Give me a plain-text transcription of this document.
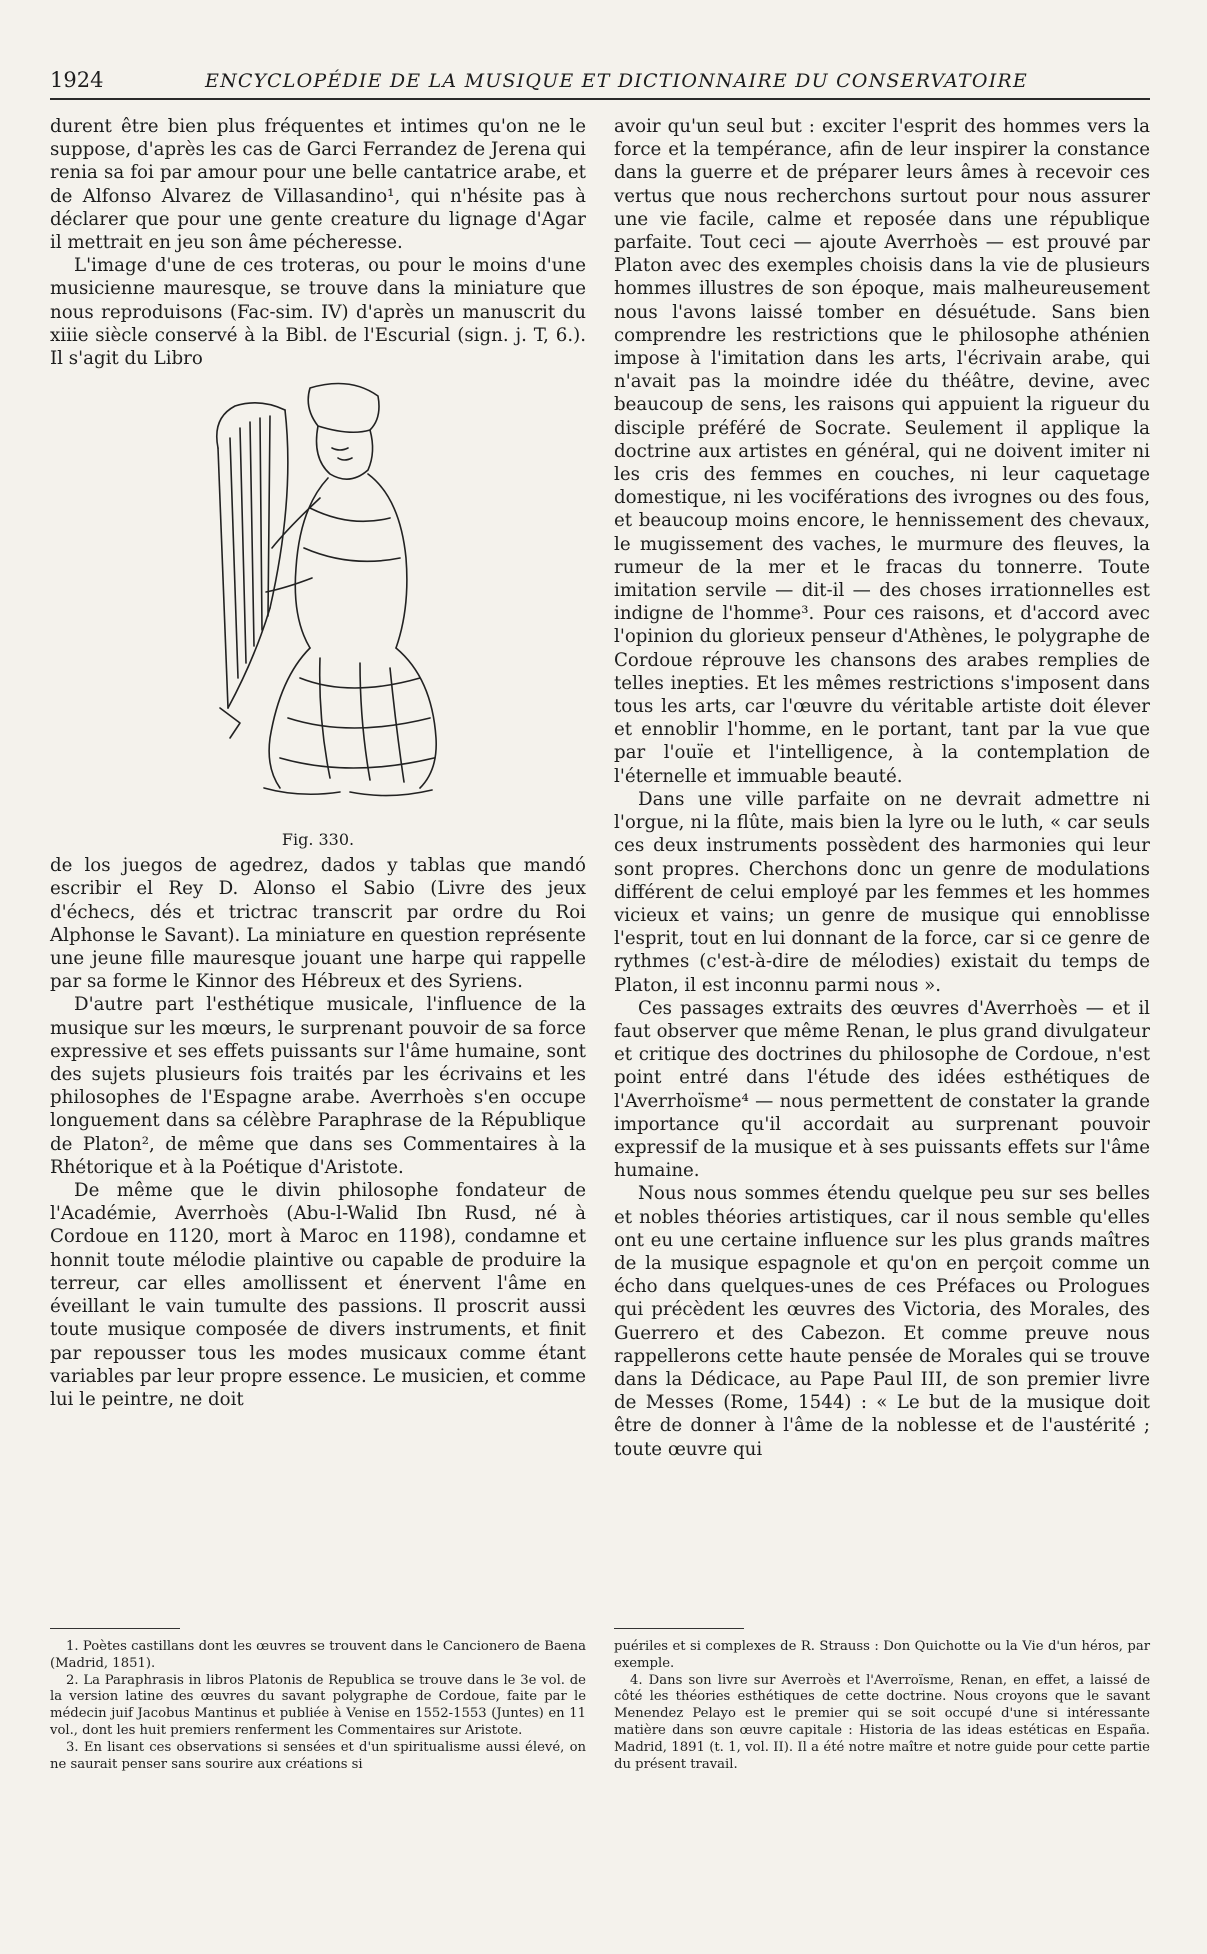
1924	ENCYCLOPÉDIE DE LA MUSIQUE ET DICTIONNAIRE DU CONSERVATOIRE

durent être bien plus fréquentes et intimes qu'on ne le suppose, d'après les cas de Garci Ferrandez de Jerena qui renia sa foi par amour pour une belle cantatrice arabe, et de Alfonso Alvarez de Villasandino¹, qui n'hésite pas à déclarer que pour une gente creature du lignage d'Agar il mettrait en jeu son âme pécheresse.

L'image d'une de ces troteras, ou pour le moins d'une musicienne mauresque, se trouve dans la miniature que nous reproduisons (Fac-sim. IV) d'après un manuscrit du xiiie siècle conservé à la Bibl. de l'Escurial (sign. j. T, 6.). Il s'agit du Libro

Fig. 330.

de los juegos de agedrez, dados y tablas que mandó escribir el Rey D. Alonso el Sabio (Livre des jeux d'échecs, dés et trictrac transcrit par ordre du Roi Alphonse le Savant). La miniature en question représente une jeune fille mauresque jouant une harpe qui rappelle par sa forme le Kinnor des Hébreux et des Syriens.

D'autre part l'esthétique musicale, l'influence de la musique sur les mœurs, le surprenant pouvoir de sa force expressive et ses effets puissants sur l'âme humaine, sont des sujets plusieurs fois traités par les écrivains et les philosophes de l'Espagne arabe. Averrhoès s'en occupe longuement dans sa célèbre Paraphrase de la République de Platon², de même que dans ses Commentaires à la Rhétorique et à la Poétique d'Aristote.

De même que le divin philosophe fondateur de l'Académie, Averrhoès (Abu-l-Walid Ibn Rusd, né à Cordoue en 1120, mort à Maroc en 1198), condamne et honnit toute mélodie plaintive ou capable de produire la terreur, car elles amollissent et énervent l'âme en éveillant le vain tumulte des passions. Il proscrit aussi toute musique composée de divers instruments, et finit par repousser tous les modes musicaux comme étant variables par leur propre essence. Le musicien, et comme lui le peintre, ne doit

avoir qu'un seul but : exciter l'esprit des hommes vers la force et la tempérance, afin de leur inspirer la constance dans la guerre et de préparer leurs âmes à recevoir ces vertus que nous recherchons surtout pour nous assurer une vie facile, calme et reposée dans une république parfaite. Tout ceci — ajoute Averrhoès — est prouvé par Platon avec des exemples choisis dans la vie de plusieurs hommes illustres de son époque, mais malheureusement nous l'avons laissé tomber en désuétude. Sans bien comprendre les restrictions que le philosophe athénien impose à l'imitation dans les arts, l'écrivain arabe, qui n'avait pas la moindre idée du théâtre, devine, avec beaucoup de sens, les raisons qui appuient la rigueur du disciple préféré de Socrate. Seulement il applique la doctrine aux artistes en général, qui ne doivent imiter ni les cris des femmes en couches, ni leur caquetage domestique, ni les vociférations des ivrognes ou des fous, et beaucoup moins encore, le hennissement des chevaux, le mugissement des vaches, le murmure des fleuves, la rumeur de la mer et le fracas du tonnerre. Toute imitation servile — dit-il — des choses irrationnelles est indigne de l'homme³. Pour ces raisons, et d'accord avec l'opinion du glorieux penseur d'Athènes, le polygraphe de Cordoue réprouve les chansons des arabes remplies de telles inepties. Et les mêmes restrictions s'imposent dans tous les arts, car l'œuvre du véritable artiste doit élever et ennoblir l'homme, en le portant, tant par la vue que par l'ouïe et l'intelligence, à la contemplation de l'éternelle et immuable beauté.

Dans une ville parfaite on ne devrait admettre ni l'orgue, ni la flûte, mais bien la lyre ou le luth, « car seuls ces deux instruments possèdent des harmonies qui leur sont propres. Cherchons donc un genre de modulations différent de celui employé par les femmes et les hommes vicieux et vains; un genre de musique qui ennoblisse l'esprit, tout en lui donnant de la force, car si ce genre de rythmes (c'est-à-dire de mélodies) existait du temps de Platon, il est inconnu parmi nous ».

Ces passages extraits des œuvres d'Averrhoès — et il faut observer que même Renan, le plus grand divulgateur et critique des doctrines du philosophe de Cordoue, n'est point entré dans l'étude des idées esthétiques de l'Averrhoïsme⁴ — nous permettent de constater la grande importance qu'il accordait au surprenant pouvoir expressif de la musique et à ses puissants effets sur l'âme humaine.

Nous nous sommes étendu quelque peu sur ses belles et nobles théories artistiques, car il nous semble qu'elles ont eu une certaine influence sur les plus grands maîtres de la musique espagnole et qu'on en perçoit comme un écho dans quelques-unes de ces Préfaces ou Prologues qui précèdent les œuvres des Victoria, des Morales, des Guerrero et des Cabezon. Et comme preuve nous rappellerons cette haute pensée de Morales qui se trouve dans la Dédicace, au Pape Paul III, de son premier livre de Messes (Rome, 1544) : « Le but de la musique doit être de donner à l'âme de la noblesse et de l'austérité ; toute œuvre qui

1. Poètes castillans dont les œuvres se trouvent dans le Cancionero de Baena (Madrid, 1851).

2. La Paraphrasis in libros Platonis de Republica se trouve dans le 3e vol. de la version latine des œuvres du savant polygraphe de Cordoue, faite par le médecin juif Jacobus Mantinus et publiée à Venise en 1552-1553 (Juntes) en 11 vol., dont les huit premiers renferment les Commentaires sur Aristote.

3. En lisant ces observations si sensées et d'un spiritualisme aussi élevé, on ne saurait penser sans sourire aux créations si

puériles et si complexes de R. Strauss : Don Quichotte ou la Vie d'un héros, par exemple.

4. Dans son livre sur Averroès et l'Averroïsme, Renan, en effet, a laissé de côté les théories esthétiques de cette doctrine. Nous croyons que le savant Menendez Pelayo est le premier qui se soit occupé d'une si intéressante matière dans son œuvre capitale : Historia de las ideas estéticas en España. Madrid, 1891 (t. 1, vol. II). Il a été notre maître et notre guide pour cette partie du présent travail.
